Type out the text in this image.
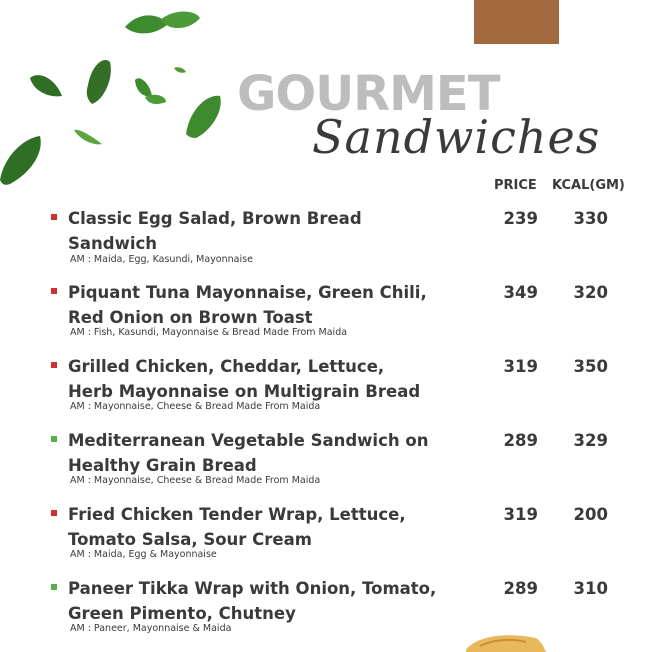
GOURMET
Sandwiches
PRICE KCAL(GM)
Classic Egg Salad, Brown Bread
Sandwich
AM : Maida, Egg, Kasundi, Mayonnaise
239	330
Piquant Tuna Mayonnaise, Green Chili,
Red Onion on Brown Toast
AM : Fish, Kasundi, Mayonnaise & Bread Made From Maida
349	320
Grilled Chicken, Cheddar, Lettuce,
Herb Mayonnaise on Multigrain Bread
AM : Mayonnaise, Cheese & Bread Made From Maida
319	350
Mediterranean Vegetable Sandwich on
Healthy Grain Bread
AM : Mayonnaise, Cheese & Bread Made From Maida
289	329
Fried Chicken Tender Wrap, Lettuce,
Tomato Salsa, Sour Cream
AM : Maida, Egg & Mayonnaise
319	200
Paneer Tikka Wrap with Onion, Tomato,
Green Pimento, Chutney
AM : Paneer, Mayonnaise & Maida
289	310
